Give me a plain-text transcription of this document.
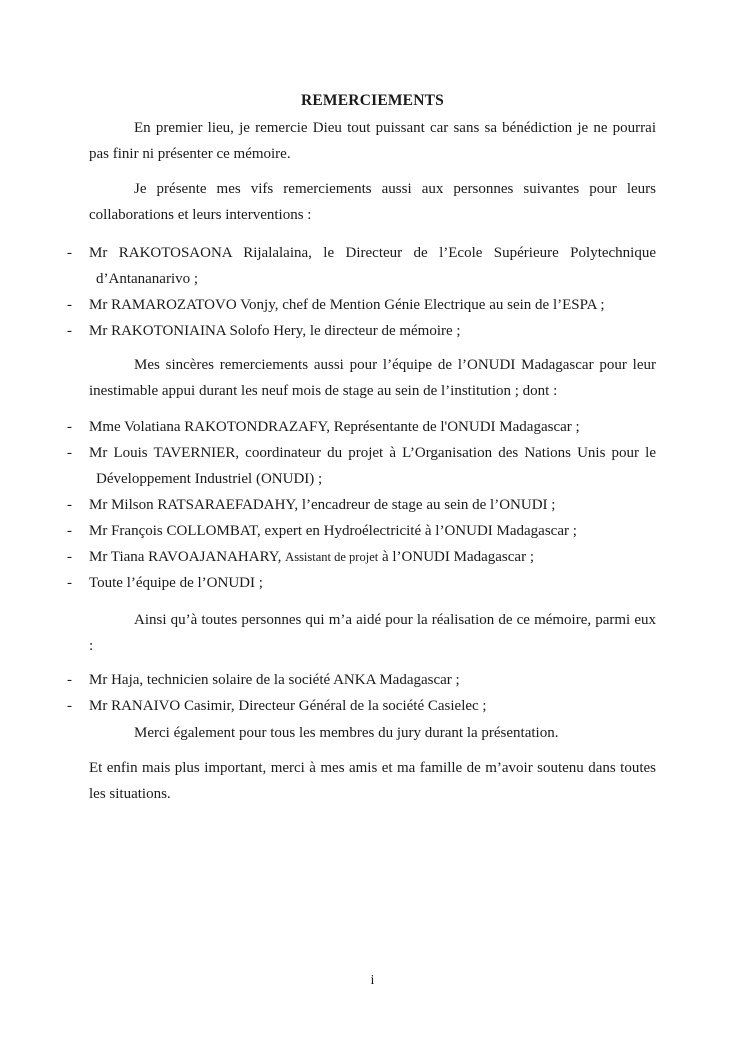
REMERCIEMENTS

En premier lieu, je remercie Dieu tout puissant car sans sa bénédiction je ne pourrai pas finir ni présenter ce mémoire.

Je présente mes vifs remerciements aussi aux personnes suivantes pour leurs collaborations et leurs interventions :

- Mr RAKOTOSAONA Rijalalaina, le Directeur de l’Ecole Supérieure Polytechnique d’Antananarivo ;
- Mr RAMAROZATOVO Vonjy, chef de Mention Génie Electrique au sein de l’ESPA ;
- Mr RAKOTONIAINA Solofo Hery, le directeur de mémoire ;

Mes sincères remerciements aussi pour l’équipe de l’ONUDI Madagascar pour leur inestimable appui durant les neuf mois de stage au sein de l’institution ; dont :

- Mme Volatiana RAKOTONDRAZAFY, Représentante de l'ONUDI Madagascar ;
- Mr Louis TAVERNIER, coordinateur du projet à L’Organisation des Nations Unis pour le Développement Industriel (ONUDI) ;
- Mr Milson RATSARAEFADAHY, l’encadreur de stage au sein de l’ONUDI ;
- Mr François COLLOMBAT, expert en Hydroélectricité à l’ONUDI Madagascar ;
- Mr Tiana RAVOAJANAHARY, Assistant de projet à l’ONUDI Madagascar ;
- Toute l’équipe de l’ONUDI ;

Ainsi qu’à toutes personnes qui m’a aidé pour la réalisation de ce mémoire, parmi eux :

- Mr Haja, technicien solaire de la société ANKA Madagascar ;
- Mr RANAIVO Casimir, Directeur Général de la société Casielec ;

Merci également pour tous les membres du jury durant la présentation.

Et enfin mais plus important, merci à mes amis et ma famille de m’avoir soutenu dans toutes les situations.

i
